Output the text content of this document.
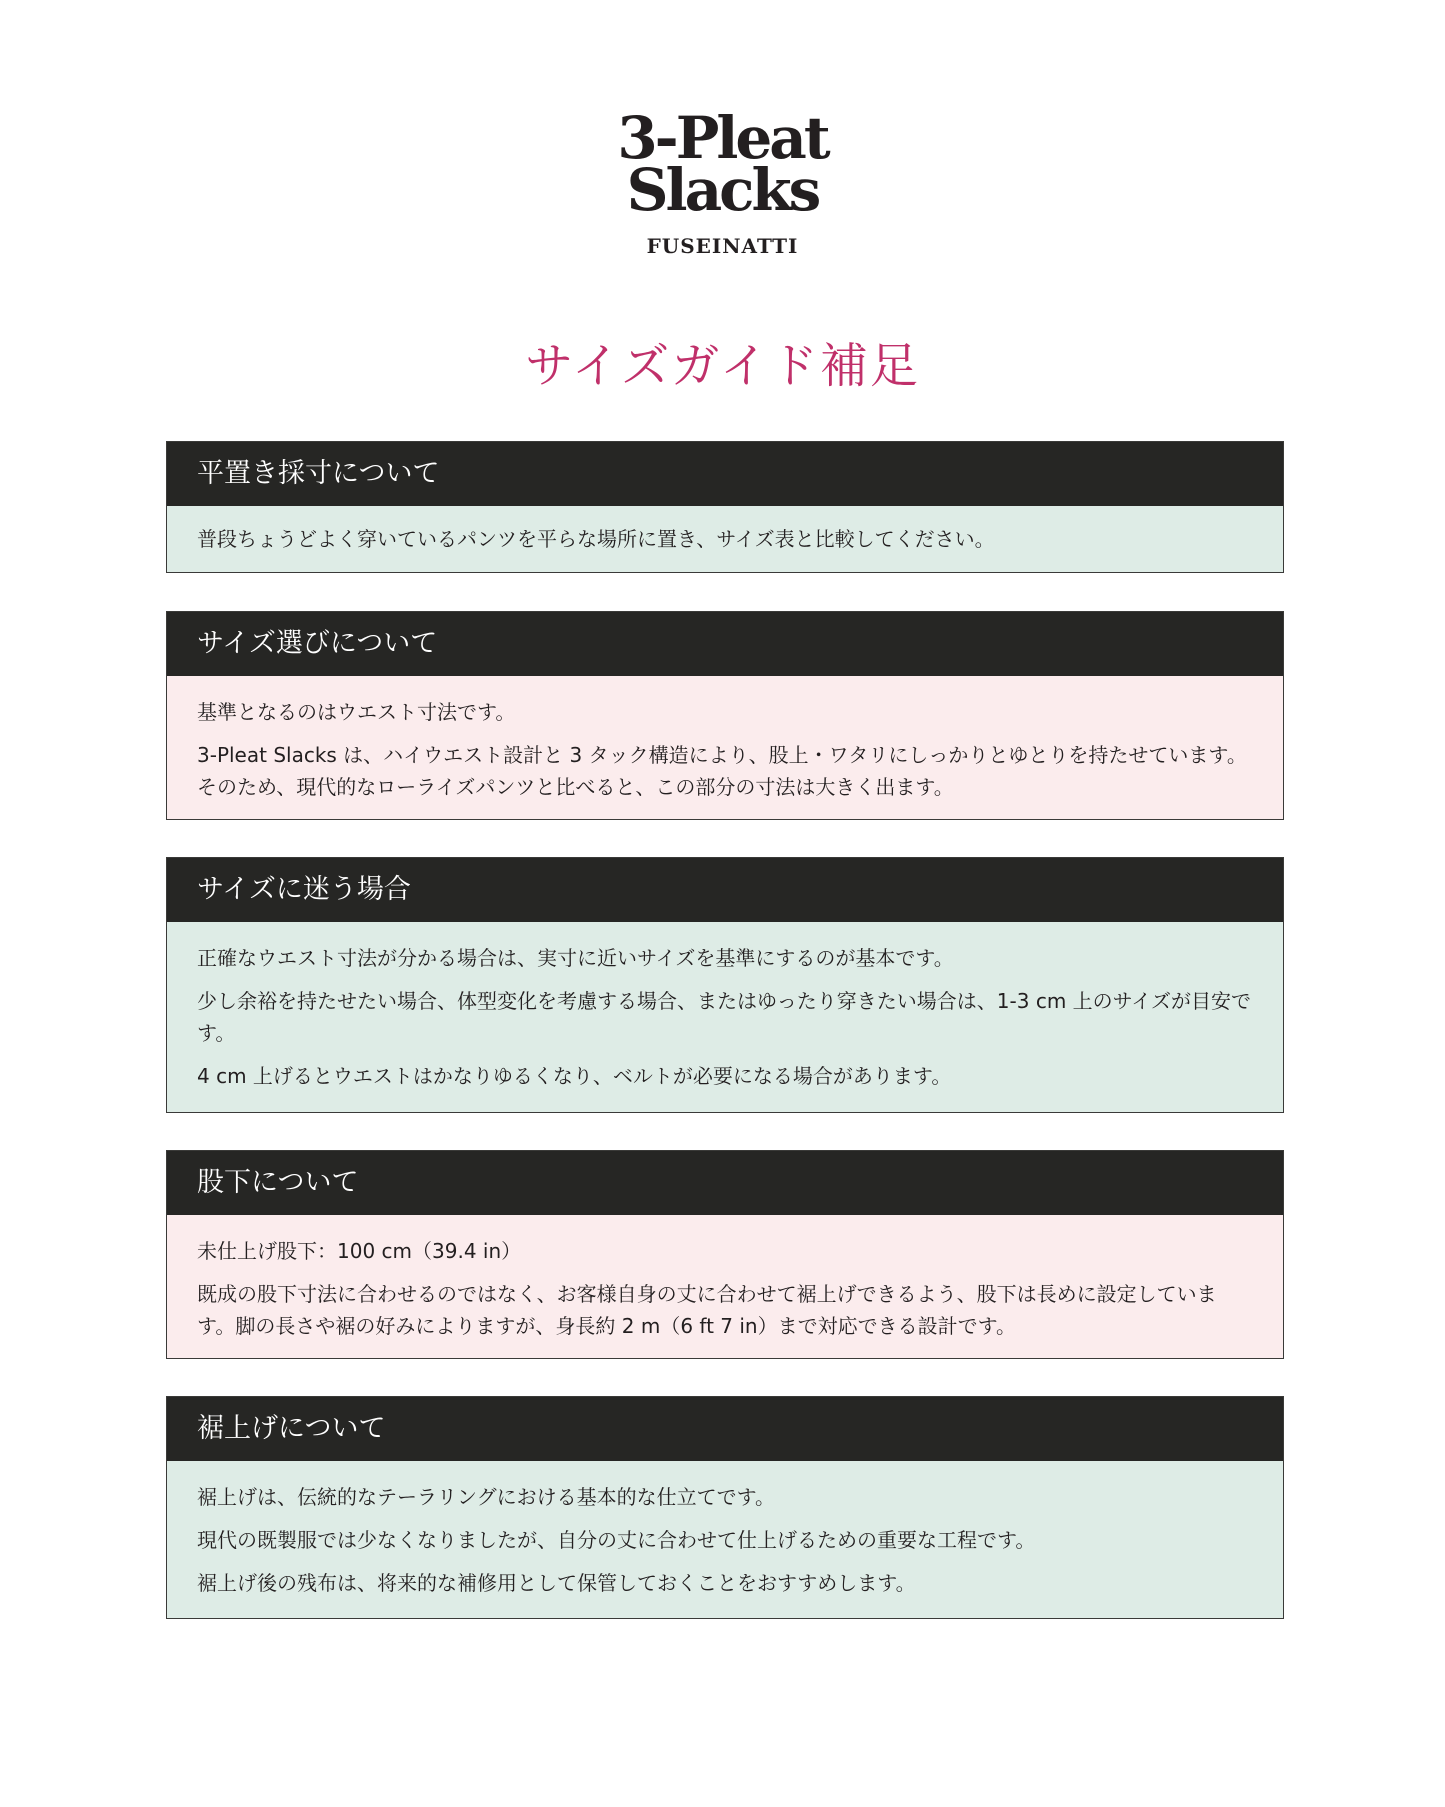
3-Pleat
Slacks
FUSEINATTI
サイズガイド補足
平置き採寸について

普段ちょうどよく穿いているパンツを平らな場所に置き、サイズ表と比較してください。

サイズ選びについて

基準となるのはウエスト寸法です。

3-Pleat Slacks は、ハイウエスト設計と 3 タック構造により、股上・ワタリにしっかりとゆとりを持たせています。そのため、現代的なローライズパンツと比べると、この部分の寸法は大きく出ます。

サイズに迷う場合

正確なウエスト寸法が分かる場合は、実寸に近いサイズを基準にするのが基本です。

少し余裕を持たせたい場合、体型変化を考慮する場合、またはゆったり穿きたい場合は、1-3 cm 上のサイズが目安です。

4 cm 上げるとウエストはかなりゆるくなり、ベルトが必要になる場合があります。

股下について

未仕上げ股下：100 cm（39.4 in）

既成の股下寸法に合わせるのではなく、お客様自身の丈に合わせて裾上げできるよう、股下は長めに設定しています。脚の長さや裾の好みによりますが、身長約 2 m（6 ft 7 in）まで対応できる設計です。

裾上げについて

裾上げは、伝統的なテーラリングにおける基本的な仕立てです。

現代の既製服では少なくなりましたが、自分の丈に合わせて仕上げるための重要な工程です。

裾上げ後の残布は、将来的な補修用として保管しておくことをおすすめします。
